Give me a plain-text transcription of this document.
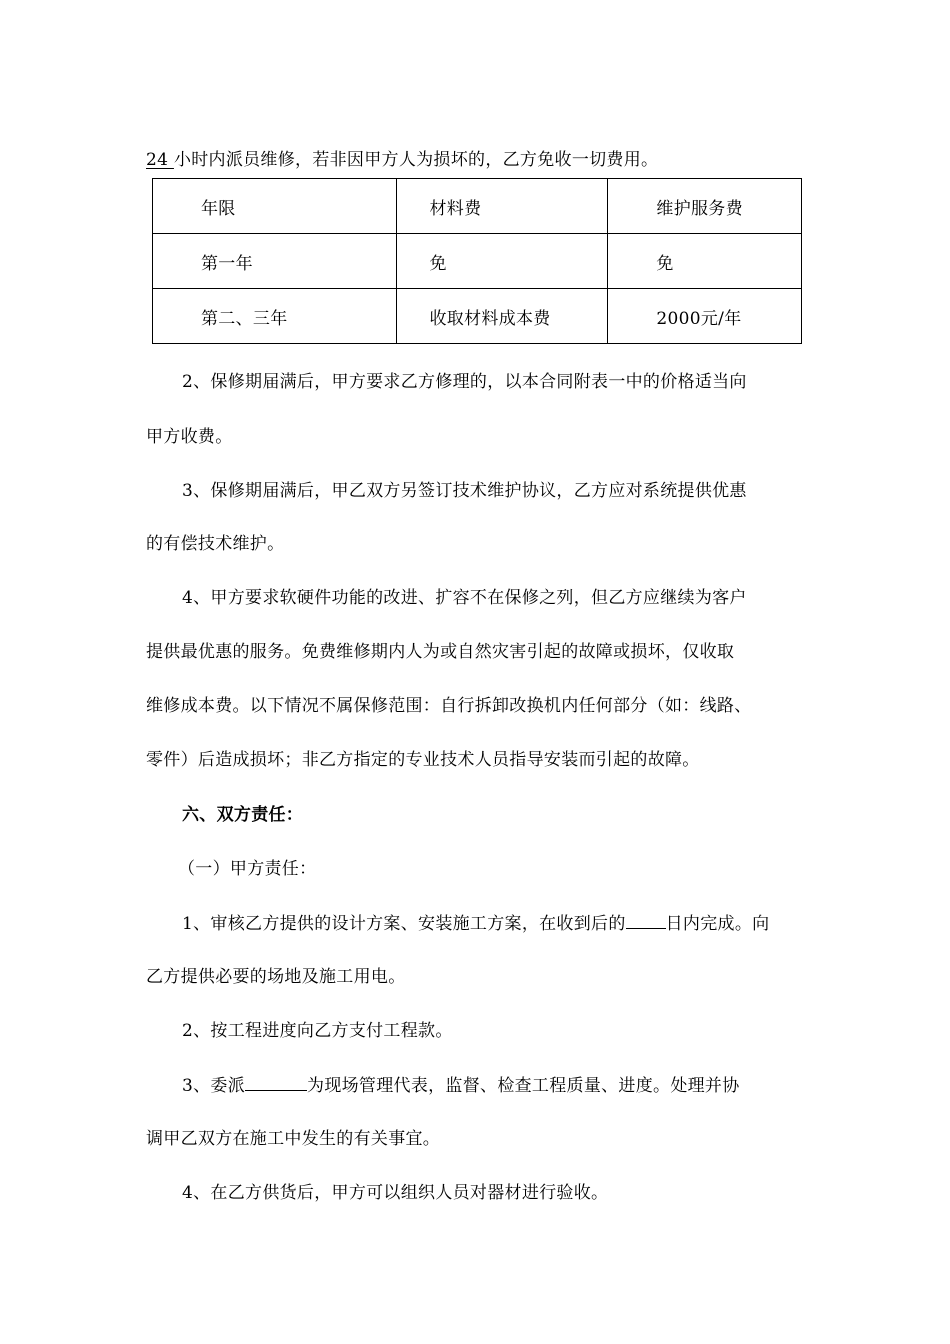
24 小时内派员维修，若非因甲方人为损坏的，乙方免收一切费用。
年限	材料费	维护服务费
第一年	免	免
第二、三年	收取材料成本费	2000元/年
2、保修期届满后，甲方要求乙方修理的，以本合同附表一中的价格适当向
甲方收费。
3、保修期届满后，甲乙双方另签订技术维护协议，乙方应对系统提供优惠
的有偿技术维护。
4、甲方要求软硬件功能的改进、扩容不在保修之列，但乙方应继续为客户
提供最优惠的服务。免费维修期内人为或自然灾害引起的故障或损坏，仅收取
维修成本费。以下情况不属保修范围：自行拆卸改换机内任何部分（如：线路、
零件）后造成损坏；非乙方指定的专业技术人员指导安装而引起的故障。
六、双方责任：
（一）甲方责任：
1、审核乙方提供的设计方案、安装施工方案，在收到后的 日内完成。向
乙方提供必要的场地及施工用电。
2、按工程进度向乙方支付工程款。
3、委派	为现场管理代表，监督、检查工程质量、进度。处理并协
调甲乙双方在施工中发生的有关事宜。
4、在乙方供货后，甲方可以组织人员对器材进行验收。
